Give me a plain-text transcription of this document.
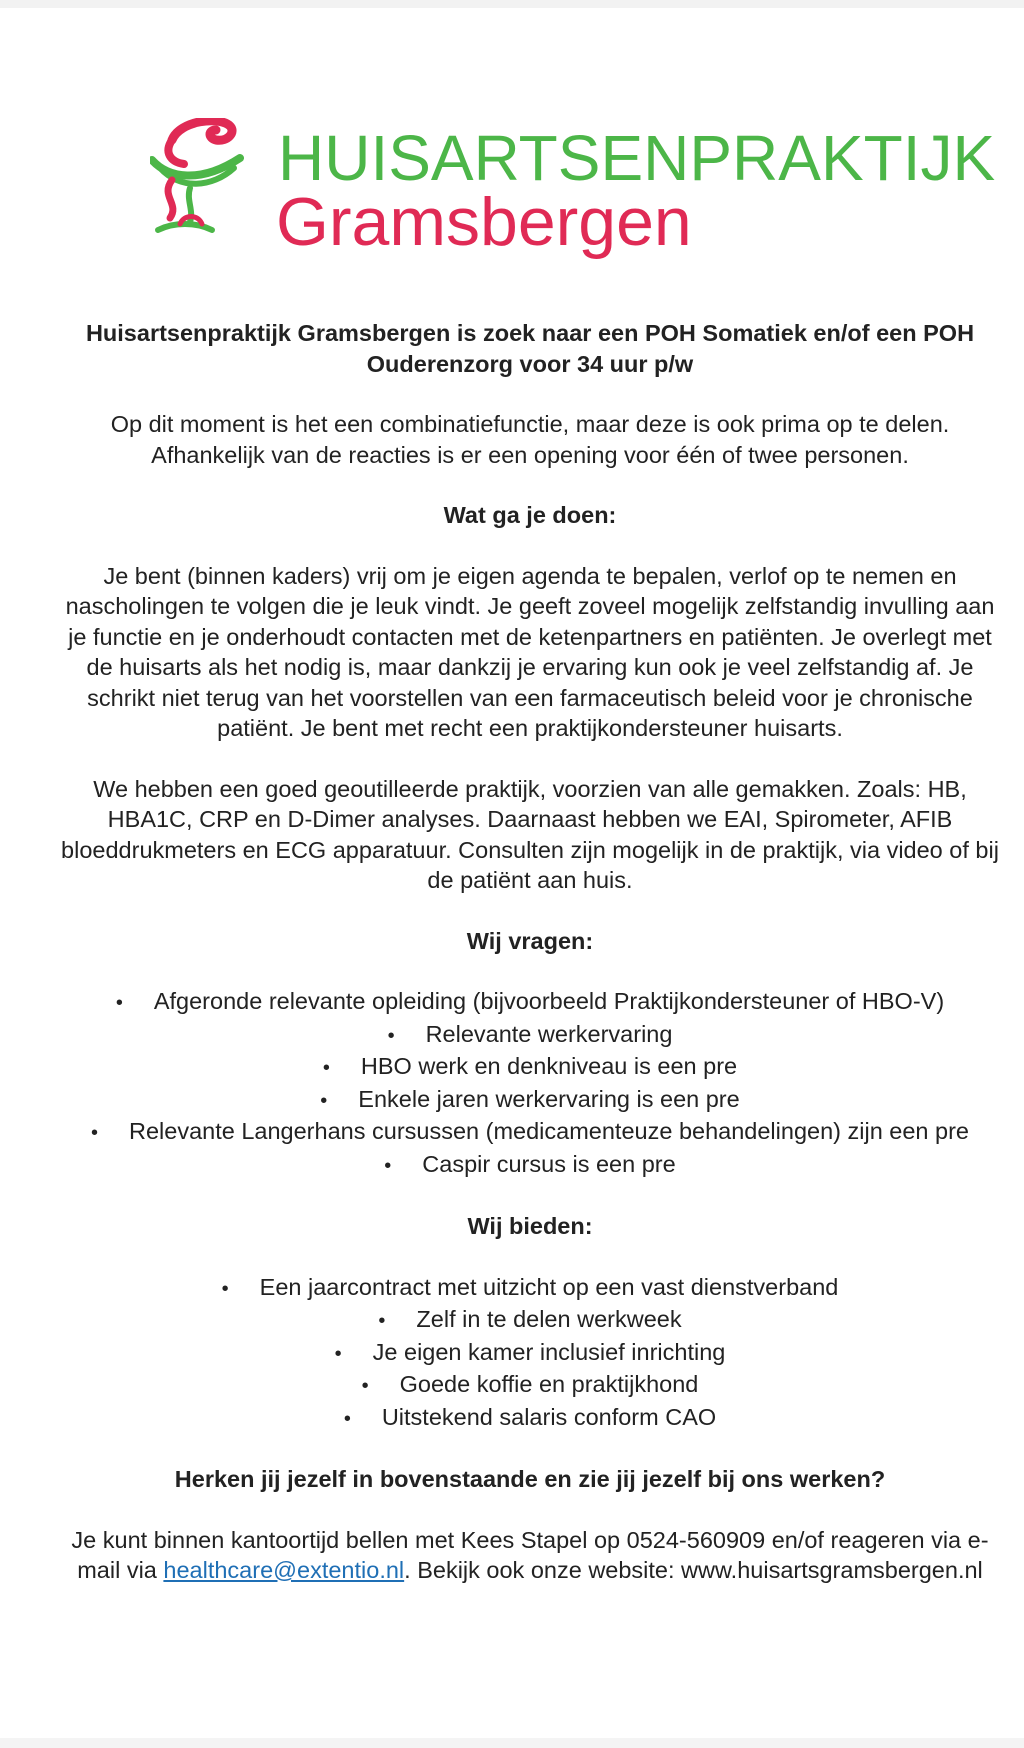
HUISARTSENPRAKTIJK
Gramsbergen

Huisartsenpraktijk Gramsbergen is zoek naar een POH Somatiek en/of een POH Ouderenzorg voor 34 uur p/w

Op dit moment is het een combinatiefunctie, maar deze is ook prima op te delen. Afhankelijk van de reacties is er een opening voor één of twee personen.

Wat ga je doen:

Je bent (binnen kaders) vrij om je eigen agenda te bepalen, verlof op te nemen en nascholingen te volgen die je leuk vindt. Je geeft zoveel mogelijk zelfstandig invulling aan je functie en je onderhoudt contacten met de ketenpartners en patiënten. Je overlegt met de huisarts als het nodig is, maar dankzij je ervaring kun ook je veel zelfstandig af. Je schrikt niet terug van het voorstellen van een farmaceutisch beleid voor je chronische patiënt. Je bent met recht een praktijkondersteuner huisarts.

We hebben een goed geoutilleerde praktijk, voorzien van alle gemakken. Zoals: HB, HBA1C, CRP en D-Dimer analyses. Daarnaast hebben we EAI, Spirometer, AFIB bloeddrukmeters en ECG apparatuur. Consulten zijn mogelijk in de praktijk, via video of bij de patiënt aan huis.

Wij vragen:

• Afgeronde relevante opleiding (bijvoorbeeld Praktijkondersteuner of HBO-V)
• Relevante werkervaring
• HBO werk en denkniveau is een pre
• Enkele jaren werkervaring is een pre
• Relevante Langerhans cursussen (medicamenteuze behandelingen) zijn een pre
• Caspir cursus is een pre

Wij bieden:

• Een jaarcontract met uitzicht op een vast dienstverband
• Zelf in te delen werkweek
• Je eigen kamer inclusief inrichting
• Goede koffie en praktijkhond
• Uitstekend salaris conform CAO

Herken jij jezelf in bovenstaande en zie jij jezelf bij ons werken?

Je kunt binnen kantoortijd bellen met Kees Stapel op 0524-560909 en/of reageren via e-mail via healthcare@extentio.nl. Bekijk ook onze website: www.huisartsgramsbergen.nl
